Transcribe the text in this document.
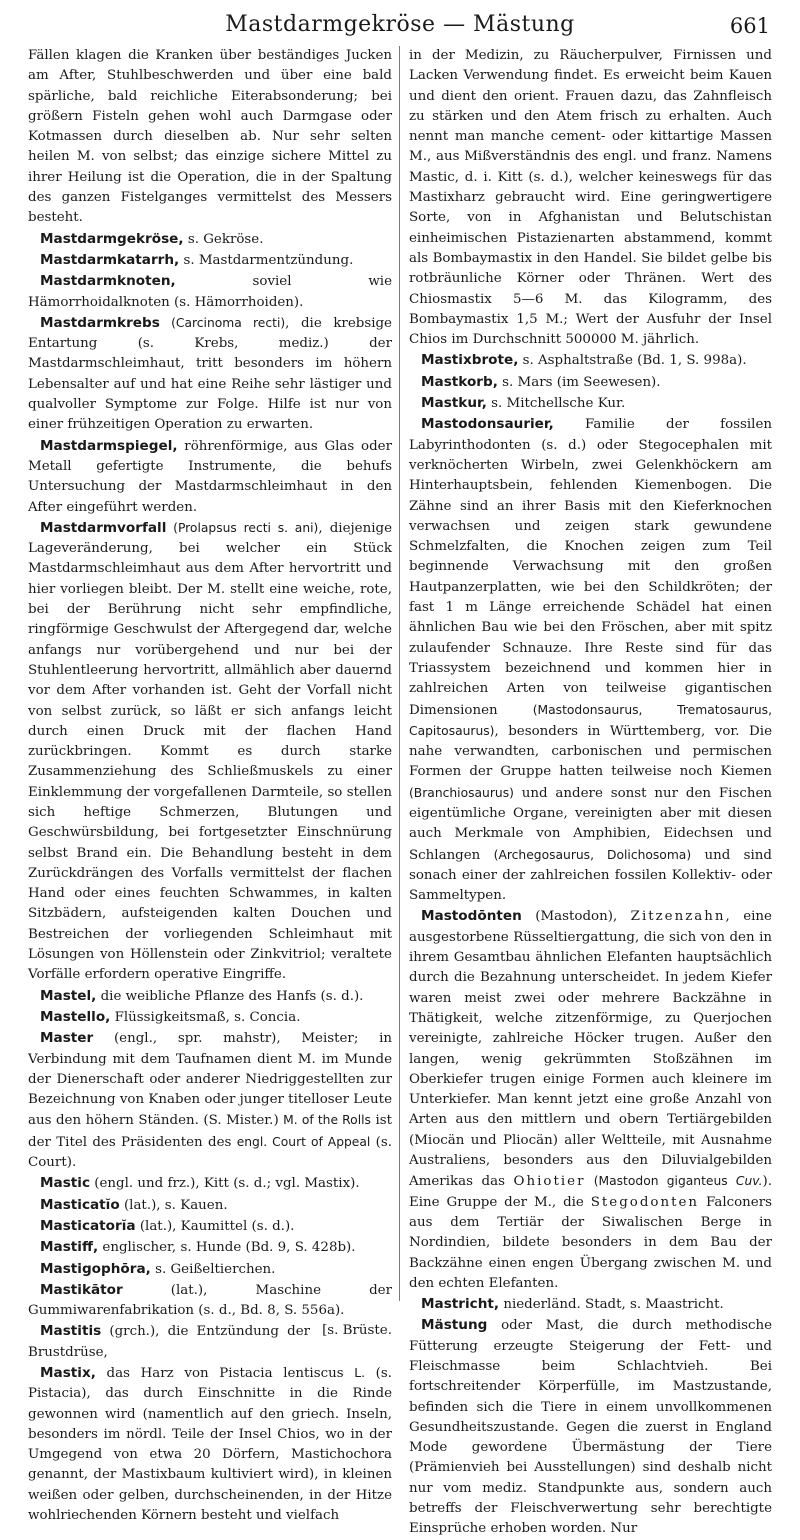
Mastdarmgekröse — Mästung	661

Fällen klagen die Kranken über beständiges Jucken am After, Stuhlbeschwerden und über eine bald spärliche, bald reichliche Eiterabsonderung; bei größern Fisteln gehen wohl auch Darmgase oder Kotmassen durch dieselben ab. Nur sehr selten heilen M. von selbst; das einzige sichere Mittel zu ihrer Heilung ist die Operation, die in der Spaltung des ganzen Fistelganges vermittelst des Messers besteht.

Mastdarmgekröse, s. Gekröse.

Mastdarmkatarrh, s. Mastdarmentzündung.

Mastdarmknoten, soviel wie Hämorrhoidalknoten (s. Hämorrhoiden).

Mastdarmkrebs (Carcinoma recti), die krebsige Entartung (s. Krebs, mediz.) der Mastdarmschleimhaut, tritt besonders im höhern Lebensalter auf und hat eine Reihe sehr lästiger und qualvoller Symptome zur Folge. Hilfe ist nur von einer frühzeitigen Operation zu erwarten.

Mastdarmspiegel, röhrenförmige, aus Glas oder Metall gefertigte Instrumente, die behufs Untersuchung der Mastdarmschleimhaut in den After eingeführt werden.

Mastdarmvorfall (Prolapsus recti s. ani), diejenige Lageveränderung, bei welcher ein Stück Mastdarmschleimhaut aus dem After hervortritt und hier vorliegen bleibt. Der M. stellt eine weiche, rote, bei der Berührung nicht sehr empfindliche, ringförmige Geschwulst der Aftergegend dar, welche anfangs nur vorübergehend und nur bei der Stuhlentleerung hervortritt, allmählich aber dauernd vor dem After vorhanden ist. Geht der Vorfall nicht von selbst zurück, so läßt er sich anfangs leicht durch einen Druck mit der flachen Hand zurückbringen. Kommt es durch starke Zusammenziehung des Schließmuskels zu einer Einklemmung der vorgefallenen Darmteile, so stellen sich heftige Schmerzen, Blutungen und Geschwürsbildung, bei fortgesetzter Einschnürung selbst Brand ein. Die Behandlung besteht in dem Zurückdrängen des Vorfalls vermittelst der flachen Hand oder eines feuchten Schwammes, in kalten Sitzbädern, aufsteigenden kalten Douchen und Bestreichen der vorliegenden Schleimhaut mit Lösungen von Höllenstein oder Zinkvitriol; veraltete Vorfälle erfordern operative Eingriffe.

Mastel, die weibliche Pflanze des Hanfs (s. d.).

Mastello, Flüssigkeitsmaß, s. Concia.

Master (engl., spr. mahstr), Meister; in Verbindung mit dem Taufnamen dient M. im Munde der Dienerschaft oder anderer Niedriggestellten zur Bezeichnung von Knaben oder junger titelloser Leute aus den höhern Ständen. (S. Mister.) M. of the Rolls ist der Titel des Präsidenten des engl. Court of Appeal (s. Court).

Mastic (engl. und frz.), Kitt (s. d.; vgl. Mastix).

Masticatĭo (lat.), s. Kauen.

Masticatorĭa (lat.), Kaumittel (s. d.).

Mastiff, englischer, s. Hunde (Bd. 9, S. 428b).

Mastigophōra, s. Geißeltierchen.

Mastikātor (lat.), Maschine der Gummiwarenfabrikation (s. d., Bd. 8, S. 556a).
[s. Brüste.

Mastitis (grch.), die Entzündung der Brustdrüse,

Mastix, das Harz von Pistacia lentiscus L. (s. Pistacia), das durch Einschnitte in die Rinde gewonnen wird (namentlich auf den griech. Inseln, besonders im nördl. Teile der Insel Chios, wo in der Umgegend von etwa 20 Dörfern, Mastichochora genannt, der Mastixbaum kultiviert wird), in kleinen weißen oder gelben, durchscheinenden, in der Hitze wohlriechenden Körnern besteht und vielfach

in der Medizin, zu Räucherpulver, Firnissen und Lacken Verwendung findet. Es erweicht beim Kauen und dient den orient. Frauen dazu, das Zahnfleisch zu stärken und den Atem frisch zu erhalten. Auch nennt man manche cement- oder kittartige Massen M., aus Mißverständnis des engl. und franz. Namens Mastic, d. i. Kitt (s. d.), welcher keineswegs für das Mastixharz gebraucht wird. Eine geringwertigere Sorte, von in Afghanistan und Belutschistan einheimischen Pistazienarten abstammend, kommt als Bombaymastix in den Handel. Sie bildet gelbe bis rotbräunliche Körner oder Thränen. Wert des Chiosmastix 5—6 M. das Kilogramm, des Bombaymastix 1,5 M.; Wert der Ausfuhr der Insel Chios im Durchschnitt 500000 M. jährlich.

Mastixbrote, s. Asphaltstraße (Bd. 1, S. 998a).

Mastkorb, s. Mars (im Seewesen).

Mastkur, s. Mitchellsche Kur.

Mastodonsaurier, Familie der fossilen Labyrinthodonten (s. d.) oder Stegocephalen mit verknöcherten Wirbeln, zwei Gelenkhöckern am Hinterhauptsbein, fehlenden Kiemenbogen. Die Zähne sind an ihrer Basis mit den Kieferknochen verwachsen und zeigen stark gewundene Schmelzfalten, die Knochen zeigen zum Teil beginnende Verwachsung mit den großen Hautpanzerplatten, wie bei den Schildkröten; der fast 1 m Länge erreichende Schädel hat einen ähnlichen Bau wie bei den Fröschen, aber mit spitz zulaufender Schnauze. Ihre Reste sind für das Triassystem bezeichnend und kommen hier in zahlreichen Arten von teilweise gigantischen Dimensionen (Mastodonsaurus, Trematosaurus, Capitosaurus), besonders in Württemberg, vor. Die nahe verwandten, carbonischen und permischen Formen der Gruppe hatten teilweise noch Kiemen (Branchiosaurus) und andere sonst nur den Fischen eigentümliche Organe, vereinigten aber mit diesen auch Merkmale von Amphibien, Eidechsen und Schlangen (Archegosaurus, Dolichosoma) und sind sonach einer der zahlreichen fossilen Kollektiv- oder Sammeltypen.

Mastodōnten (Mastodon), Zitzenzahn, eine ausgestorbene Rüsseltiergattung, die sich von den in ihrem Gesamtbau ähnlichen Elefanten hauptsächlich durch die Bezahnung unterscheidet. In jedem Kiefer waren meist zwei oder mehrere Backzähne in Thätigkeit, welche zitzenförmige, zu Querjochen vereinigte, zahlreiche Höcker trugen. Außer den langen, wenig gekrümmten Stoßzähnen im Oberkiefer trugen einige Formen auch kleinere im Unterkiefer. Man kennt jetzt eine große Anzahl von Arten aus den mittlern und obern Tertiärgebilden (Miocän und Pliocän) aller Weltteile, mit Ausnahme Australiens, besonders aus den Diluvialgebilden Amerikas das Ohiotier (Mastodon giganteus Cuv.). Eine Gruppe der M., die Stegodonten Falconers aus dem Tertiär der Siwalischen Berge in Nordindien, bildete besonders in dem Bau der Backzähne einen engen Übergang zwischen M. und den echten Elefanten.

Mastricht, niederländ. Stadt, s. Maastricht.

Mästung oder Mast, die durch methodische Fütterung erzeugte Steigerung der Fett- und Fleischmasse beim Schlachtvieh. Bei fortschreitender Körperfülle, im Mastzustande, befinden sich die Tiere in einem unvollkommenen Gesundheitszustande. Gegen die zuerst in England Mode gewordene Übermästung der Tiere (Prämienvieh bei Ausstellungen) sind deshalb nicht nur vom mediz. Standpunkte aus, sondern auch betreffs der Fleischverwertung sehr berechtigte Einsprüche erhoben worden. Nur
